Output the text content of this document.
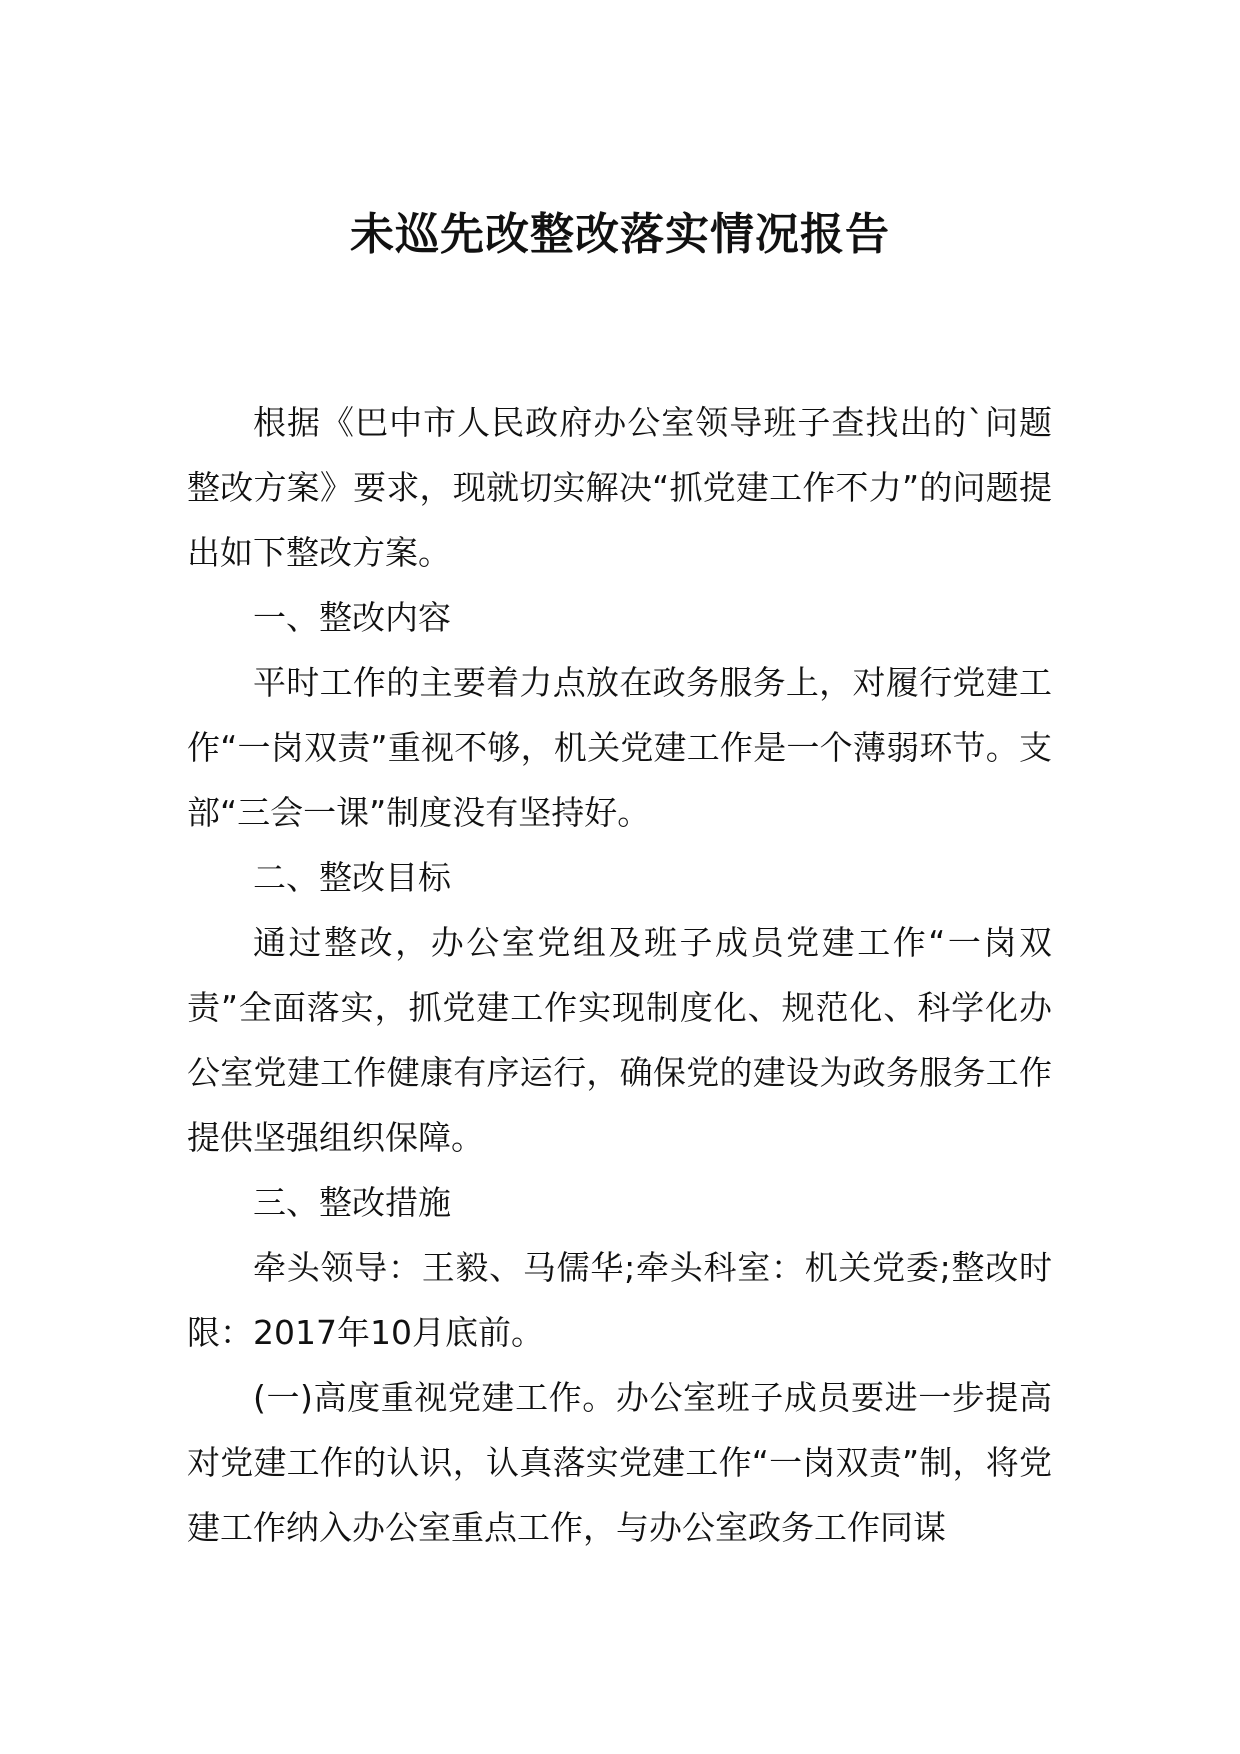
未巡先改整改落实情况报告

根据《巴中市人民政府办公室领导班子查找出的`问题整改方案》要求，现就切实解决“抓党建工作不力”的问题提出如下整改方案。

一、整改内容

平时工作的主要着力点放在政务服务上，对履行党建工作“一岗双责”重视不够，机关党建工作是一个薄弱环节。支部“三会一课”制度没有坚持好。

二、整改目标

通过整改，办公室党组及班子成员党建工作“一岗双责”全面落实，抓党建工作实现制度化、规范化、科学化办公室党建工作健康有序运行，确保党的建设为政务服务工作提供坚强组织保障。

三、整改措施

牵头领导：王毅、马儒华;牵头科室：机关党委;整改时限：2017年10月底前。

(一)高度重视党建工作。办公室班子成员要进一步提高对党建工作的认识，认真落实党建工作“一岗双责”制，将党建工作纳入办公室重点工作，与办公室政务工作同谋
